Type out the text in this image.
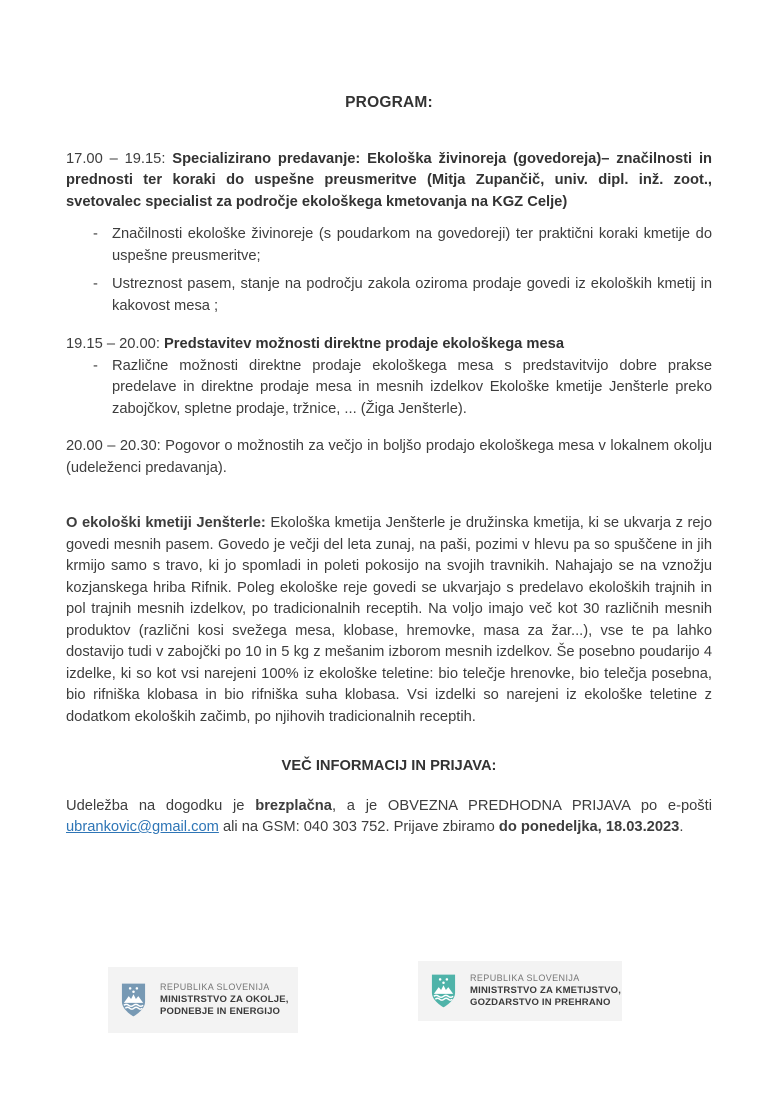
PROGRAM:

17.00 – 19.15: Specializirano predavanje: Ekološka živinoreja (govedoreja)– značilnosti in prednosti ter koraki do uspešne preusmeritve (Mitja Zupančič, univ. dipl. inž. zoot., svetovalec specialist za področje ekološkega kmetovanja na KGZ Celje)

- Značilnosti ekološke živinoreje (s poudarkom na govedoreji) ter praktični koraki kmetije do uspešne preusmeritve;
- Ustreznost pasem, stanje na področju zakola oziroma prodaje govedi iz ekoloških kmetij in kakovost mesa ;

19.15 – 20.00: Predstavitev možnosti direktne prodaje ekološkega mesa

- Različne možnosti direktne prodaje ekološkega mesa s predstavitvijo dobre prakse predelave in direktne prodaje mesa in mesnih izdelkov Ekološke kmetije Jenšterle preko zabojčkov, spletne prodaje, tržnice, ... (Žiga Jenšterle).

20.00 – 20.30: Pogovor o možnostih za večjo in boljšo prodajo ekološkega mesa v lokalnem okolju (udeleženci predavanja).

O ekološki kmetiji Jenšterle: Ekološka kmetija Jenšterle je družinska kmetija, ki se ukvarja z rejo govedi mesnih pasem. Govedo je večji del leta zunaj, na paši, pozimi v hlevu pa so spuščene in jih krmijo samo s travo, ki jo spomladi in poleti pokosijo na svojih travnikih. Nahajajo se na vznožju kozjanskega hriba Rifnik. Poleg ekološke reje govedi se ukvarjajo s predelavo ekoloških trajnih in pol trajnih mesnih izdelkov, po tradicionalnih receptih. Na voljo imajo več kot 30 različnih mesnih produktov (različni kosi svežega mesa, klobase, hremovke, masa za žar...), vse te pa lahko dostavijo tudi v zabojčki po 10 in 5 kg z mešanim izborom mesnih izdelkov. Še posebno poudarijo 4 izdelke, ki so kot vsi narejeni 100% iz ekološke teletine: bio telečje hrenovke, bio telečja posebna, bio rifniška klobasa in bio rifniška suha klobasa. Vsi izdelki so narejeni iz ekološke teletine z dodatkom ekoloških začimb, po njihovih tradicionalnih receptih.

VEČ INFORMACIJ IN PRIJAVA:

Udeležba na dogodku je brezplačna, a je OBVEZNA PREDHODNA PRIJAVA po e-pošti ubrankovic@gmail.com ali na GSM: 040 303 752. Prijave zbiramo do ponedeljka, 18.03.2023.

REPUBLIKA SLOVENIJA
MINISTRSTVO ZA OKOLJE,
PODNEBJE IN ENERGIJO
REPUBLIKA SLOVENIJA
MINISTRSTVO ZA KMETIJSTVO,
GOZDARSTVO IN PREHRANO
